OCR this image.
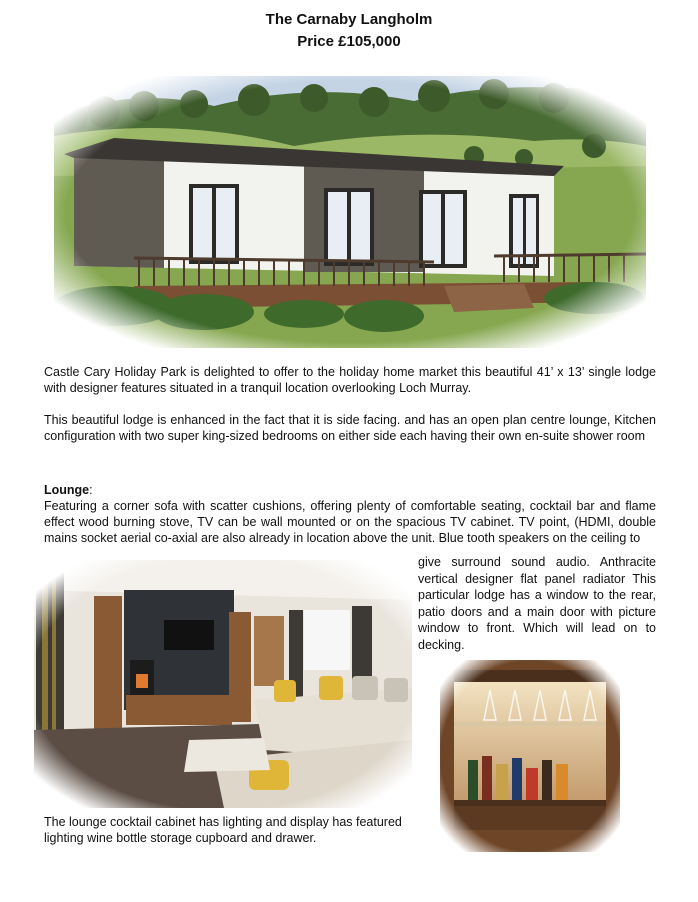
The Carnaby Langholm
Price £105,000
Castle Cary Holiday Park is delighted to offer to the holiday home market this beautiful 41’ x 13’ single lodge with designer features situated in a tranquil location overlooking Loch Murray.
This beautiful lodge is enhanced in the fact that it is side facing. and has an open plan centre lounge, Kitchen configuration with two super king-sized bedrooms on either side each having their own en-suite shower room
Lounge:
Featuring a corner sofa with scatter cushions, offering plenty of comfortable seating, cocktail bar and flame effect wood burning stove, TV can be wall mounted or on the spacious TV cabinet. TV point, (HDMI, double mains socket aerial co-axial are also already in location above the unit. Blue tooth speakers on the ceiling to
give surround sound audio. Anthracite vertical designer flat panel radiator This particular lodge has a window to the rear, patio doors and a main door with picture window to front. Which will lead on to decking.
The lounge cocktail cabinet has lighting and display has featured lighting wine bottle storage cupboard and drawer.
